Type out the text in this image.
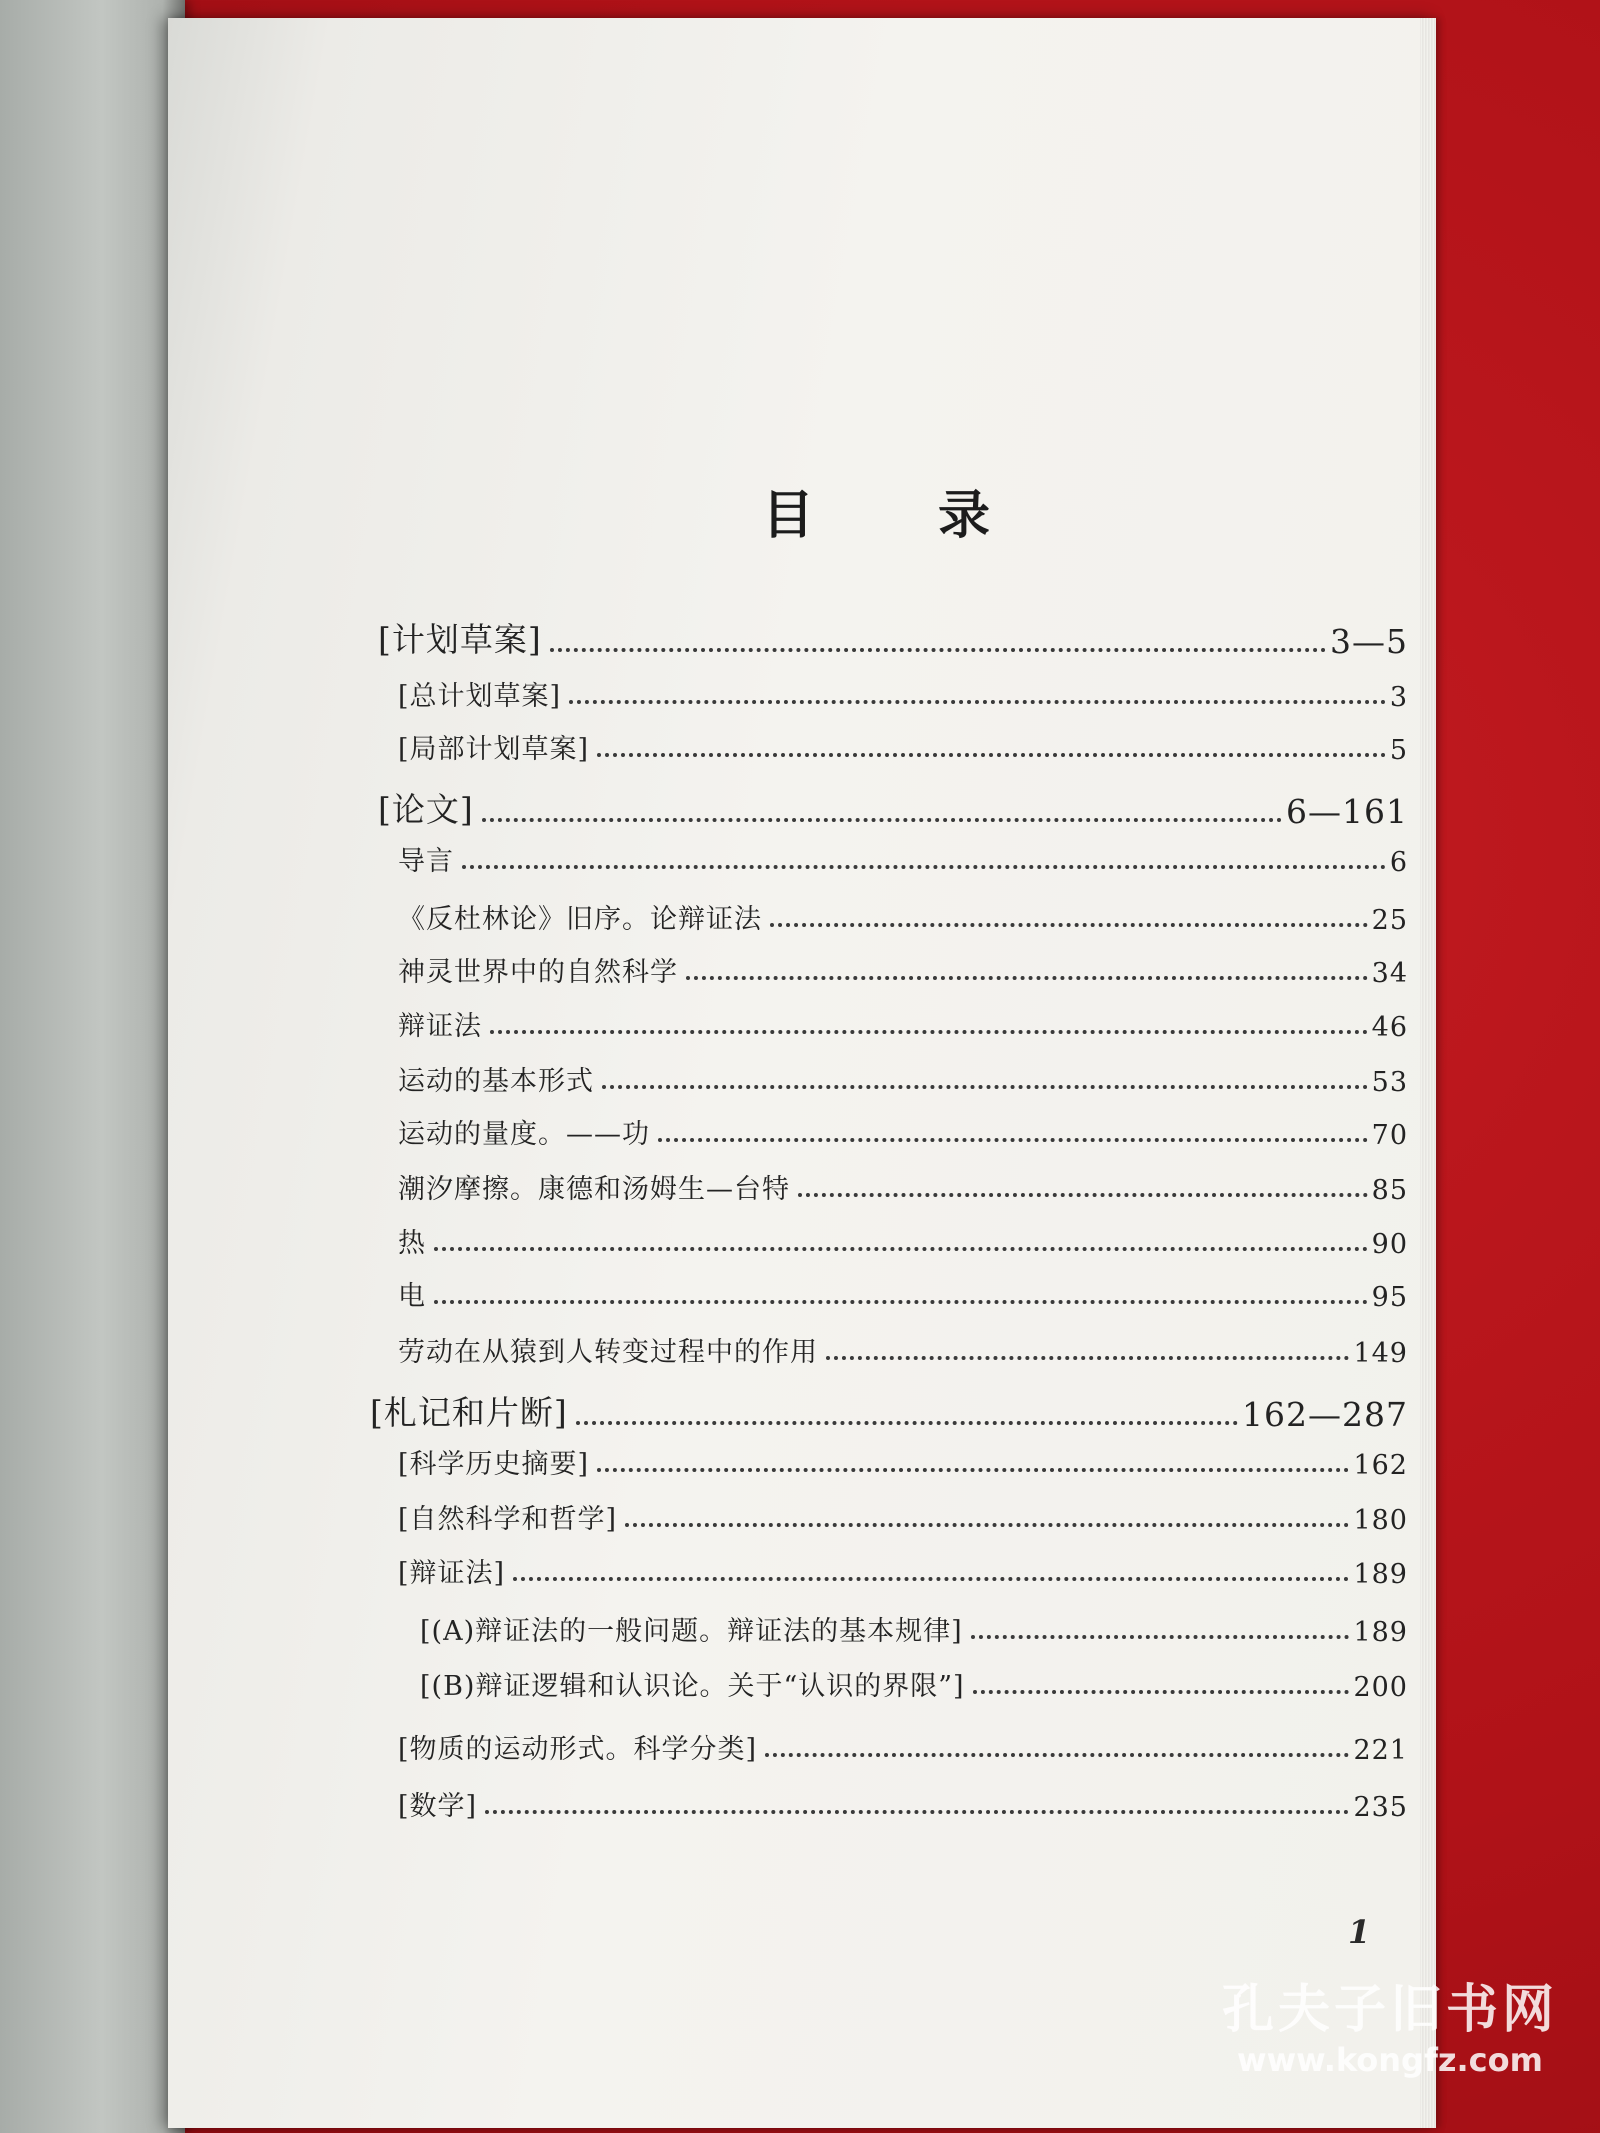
目 录
[计划草案]	3—5
[总计划草案]	3
[局部计划草案]	5
[论文]	6—161
导言	6
《反杜林论》旧序。论辩证法	25
神灵世界中的自然科学	34
辩证法	46
运动的基本形式	53
运动的量度。——功	70
潮汐摩擦。康德和汤姆生—台特	85
热	90
电	95
劳动在从猿到人转变过程中的作用	149
[札记和片断]	162—287
[科学历史摘要]	162
[自然科学和哲学]	180
[辩证法]	189
[(A)辩证法的一般问题。辩证法的基本规律]	189
[(B)辩证逻辑和认识论。关于“认识的界限”]	200
[物质的运动形式。科学分类]	221
[数学]	235
1
孔夫子旧书网
www.kongfz.com
